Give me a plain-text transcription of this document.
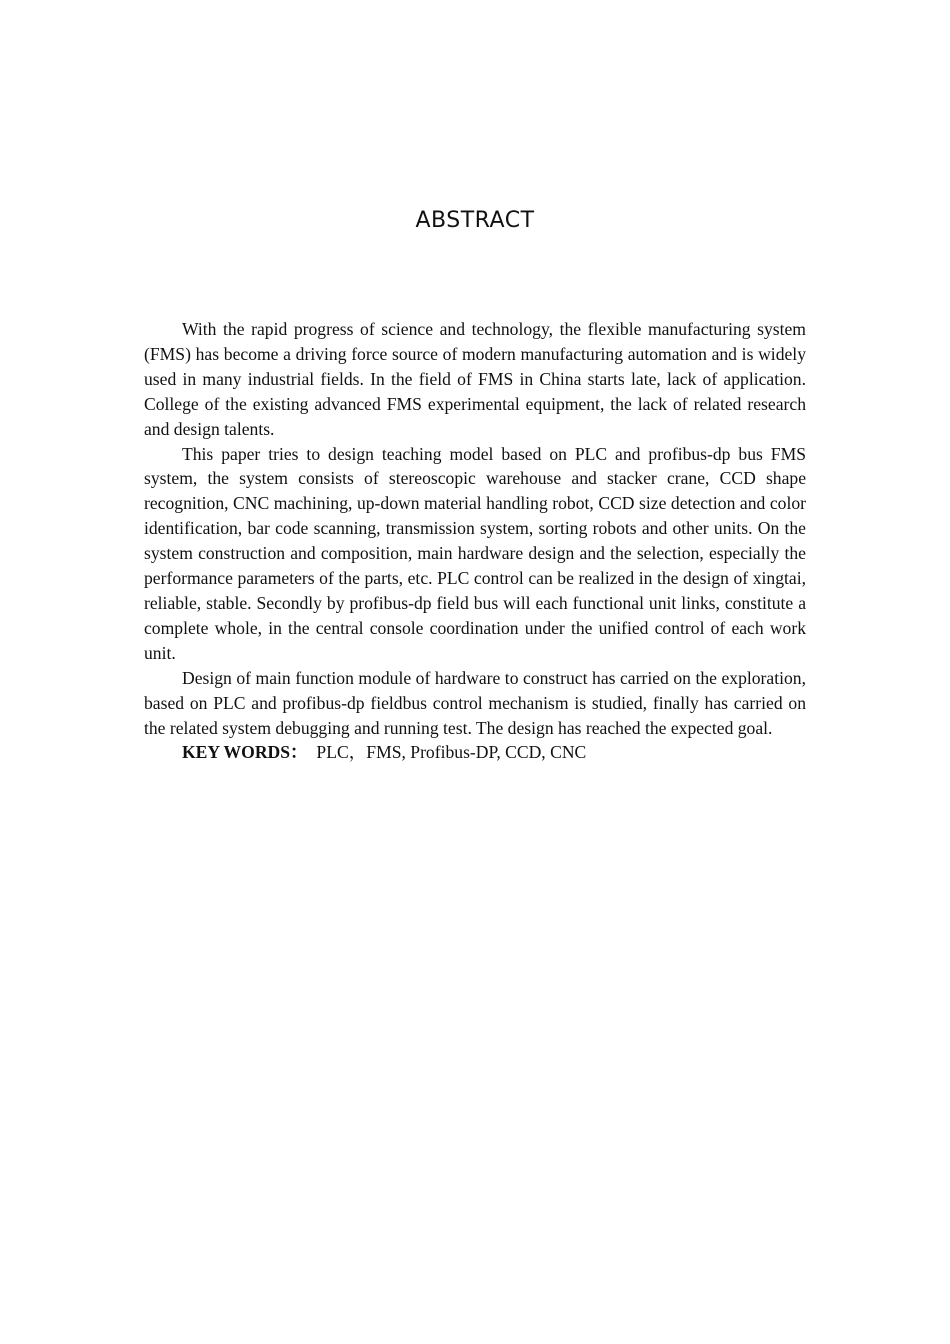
ABSTRACT

With the rapid progress of science and technology, the flexible manufacturing system (FMS) has become a driving force source of modern manufacturing automation and is widely used in many industrial fields. In the field of FMS in China starts late, lack of application. College of the existing advanced FMS experimental equipment, the lack of related research and design talents.

This paper tries to design teaching model based on PLC and profibus-dp bus FMS system, the system consists of stereoscopic warehouse and stacker crane, CCD shape recognition, CNC machining, up-down material handling robot, CCD size detection and color identification, bar code scanning, transmission system, sorting robots and other units. On the system construction and composition, main hardware design and the selection, especially the performance parameters of the parts, etc. PLC control can be realized in the design of xingtai, reliable, stable. Secondly by profibus-dp field bus will each functional unit links, constitute a complete whole, in the central console coordination under the unified control of each work unit.

Design of main function module of hardware to construct has carried on the exploration, based on PLC and profibus-dp fieldbus control mechanism is studied, finally has carried on the related system debugging and running test. The design has reached the expected goal.

KEY WORDS： PLC，FMS, Profibus-DP, CCD, CNC
